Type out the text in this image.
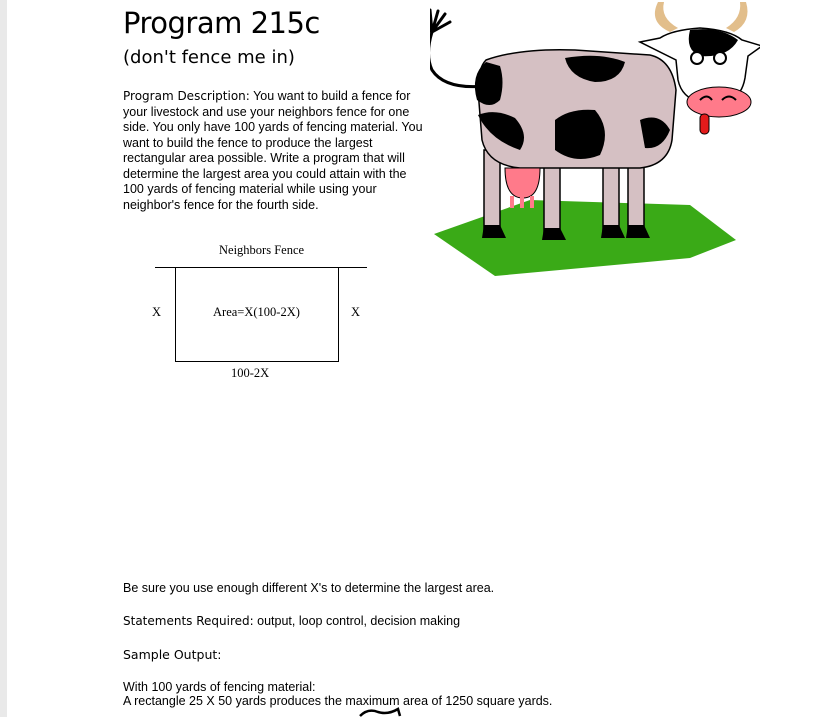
Program 215c
(don't fence me in)
Program Description: You want to build a fence for your livestock and use your neighbors fence for one side. You only have 100 yards of fencing material. You want to build the fence to produce the largest rectangular area possible. Write a program that will determine the largest area you could attain with the 100 yards of fencing material while using your neighbor's fence for the fourth side.
Neighbors Fence
X	X
Area=X(100-2X)
100-2X
Be sure you use enough different X's to determine the largest area.
Statements Required: output, loop control, decision making
Sample Output:
With 100 yards of fencing material:
A rectangle 25 X 50 yards produces the maximum area of 1250 square yards.
